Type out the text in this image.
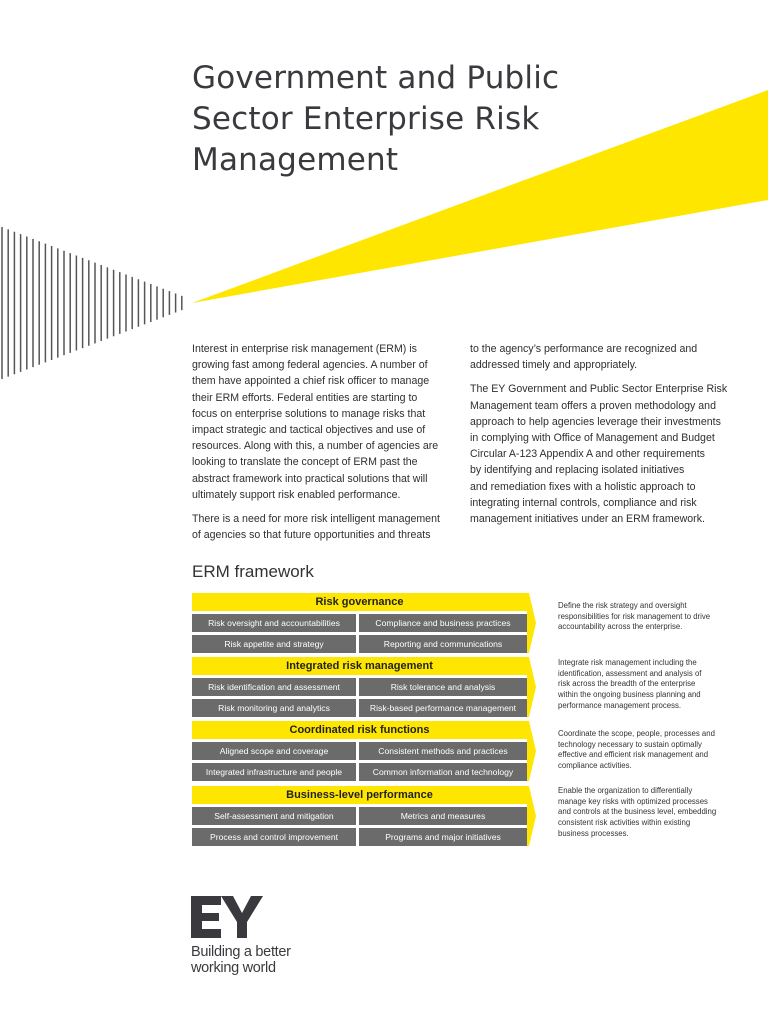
Government and Public
Sector Enterprise Risk
Management

Interest in enterprise risk management (ERM) is
growing fast among federal agencies. A number of
them have appointed a chief risk officer to manage
their ERM efforts. Federal entities are starting to
focus on enterprise solutions to manage risks that
impact strategic and tactical objectives and use of
resources. Along with this, a number of agencies are
looking to translate the concept of ERM past the
abstract framework into practical solutions that will
ultimately support risk enabled performance.

There is a need for more risk intelligent management
of agencies so that future opportunities and threats

to the agency’s performance are recognized and
addressed timely and appropriately.

The EY Government and Public Sector Enterprise Risk
Management team offers a proven methodology and
approach to help agencies leverage their investments
in complying with Office of Management and Budget
Circular A-123 Appendix A and other requirements
by identifying and replacing isolated initiatives
and remediation fixes with a holistic approach to
integrating internal controls, compliance and risk
management initiatives under an ERM framework.

ERM framework
Risk governance
Risk oversight and accountabilities	Compliance and business practices
Risk appetite and strategy	Reporting and communications
Define the risk strategy and oversight
responsibilities for risk management to drive
accountability across the enterprise.
Integrated risk management
Risk identification and assessment	Risk tolerance and analysis
Risk monitoring and analytics	Risk-based performance management
Integrate risk management including the
identification, assessment and analysis of
risk across the breadth of the enterprise
within the ongoing business planning and
performance management process.
Coordinated risk functions
Aligned scope and coverage	Consistent methods and practices
Integrated infrastructure and people	Common information and technology
Coordinate the scope, people, processes and
technology necessary to sustain optimally
effective and efficient risk management and
compliance activities.
Business-level performance
Self-assessment and mitigation	Metrics and measures
Process and control improvement	Programs and major initiatives
Enable the organization to differentially
manage key risks with optimized processes
and controls at the business level, embedding
consistent risk activities within existing
business processes.
EY
Building a better
working world
